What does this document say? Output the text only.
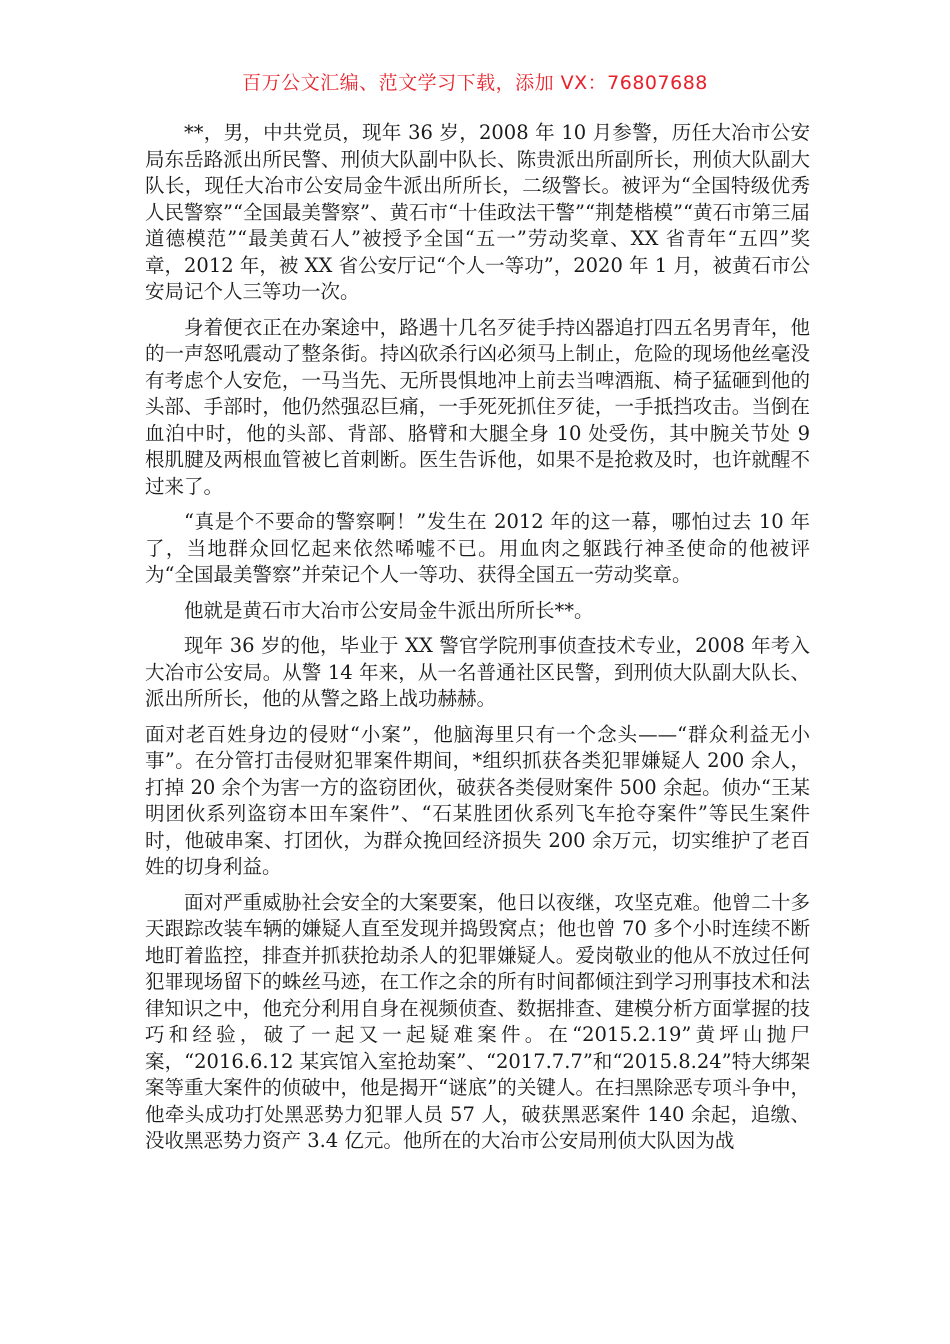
百万公文汇编、范文学习下载，添加 VX：76807688

**，男，中共党员，现年 36 岁，2008 年 10 月参警，历任大冶市公安局东岳路派出所民警、刑侦大队副中队长、陈贵派出所副所长，刑侦大队副大队长，现任大冶市公安局金牛派出所所长，二级警长。被评为“全国特级优秀人民警察”“全国最美警察”、黄石市“十佳政法干警”“荆楚楷模”“黄石市第三届道德模范”“最美黄石人”被授予全国“五一”劳动奖章、XX 省青年“五四”奖章，2012 年，被 XX 省公安厅记“个人一等功”，2020 年 1 月，被黄石市公安局记个人三等功一次。

身着便衣正在办案途中，路遇十几名歹徒手持凶器追打四五名男青年，他的一声怒吼震动了整条街。持凶砍杀行凶必须马上制止，危险的现场他丝毫没有考虑个人安危，一马当先、无所畏惧地冲上前去当啤酒瓶、椅子猛砸到他的头部、手部时，他仍然强忍巨痛，一手死死抓住歹徒，一手抵挡攻击。当倒在血泊中时，他的头部、背部、胳臂和大腿全身 10 处受伤，其中腕关节处 9 根肌腱及两根血管被匕首刺断。医生告诉他，如果不是抢救及时，也许就醒不过来了。

“真是个不要命的警察啊！”发生在 2012 年的这一幕，哪怕过去 10 年了，当地群众回忆起来依然唏嘘不已。用血肉之躯践行神圣使命的他被评为“全国最美警察”并荣记个人一等功、获得全国五一劳动奖章。

他就是黄石市大冶市公安局金牛派出所所长**。

现年 36 岁的他，毕业于 XX 警官学院刑事侦查技术专业，2008 年考入大冶市公安局。从警 14 年来，从一名普通社区民警，到刑侦大队副大队长、派出所所长，他的从警之路上战功赫赫。

面对老百姓身边的侵财“小案”，他脑海里只有一个念头——“群众利益无小事”。在分管打击侵财犯罪案件期间，*组织抓获各类犯罪嫌疑人 200 余人，打掉 20 余个为害一方的盗窃团伙，破获各类侵财案件 500 余起。侦办“王某明团伙系列盗窃本田车案件”、“石某胜团伙系列飞车抢夺案件”等民生案件时，他破串案、打团伙，为群众挽回经济损失 200 余万元，切实维护了老百姓的切身利益。

面对严重威胁社会安全的大案要案，他日以夜继，攻坚克难。他曾二十多天跟踪改装车辆的嫌疑人直至发现并捣毁窝点；他也曾 70 多个小时连续不断地盯着监控，排查并抓获抢劫杀人的犯罪嫌疑人。爱岗敬业的他从不放过任何犯罪现场留下的蛛丝马迹，在工作之余的所有时间都倾注到学习刑事技术和法律知识之中，他充分利用自身在视频侦查、数据排查、建模分析方面掌握的技巧和经验，破了一起又一起疑难案件。在“2015.2.19”黄坪山抛尸案，“2016.6.12 某宾馆入室抢劫案”、“2017.7.7”和“2015.8.24”特大绑架案等重大案件的侦破中，他是揭开“谜底”的关键人。在扫黑除恶专项斗争中，他牵头成功打处黑恶势力犯罪人员 57 人，破获黑恶案件 140 余起，追缴、没收黑恶势力资产 3.4 亿元。他所在的大冶市公安局刑侦大队因为战
